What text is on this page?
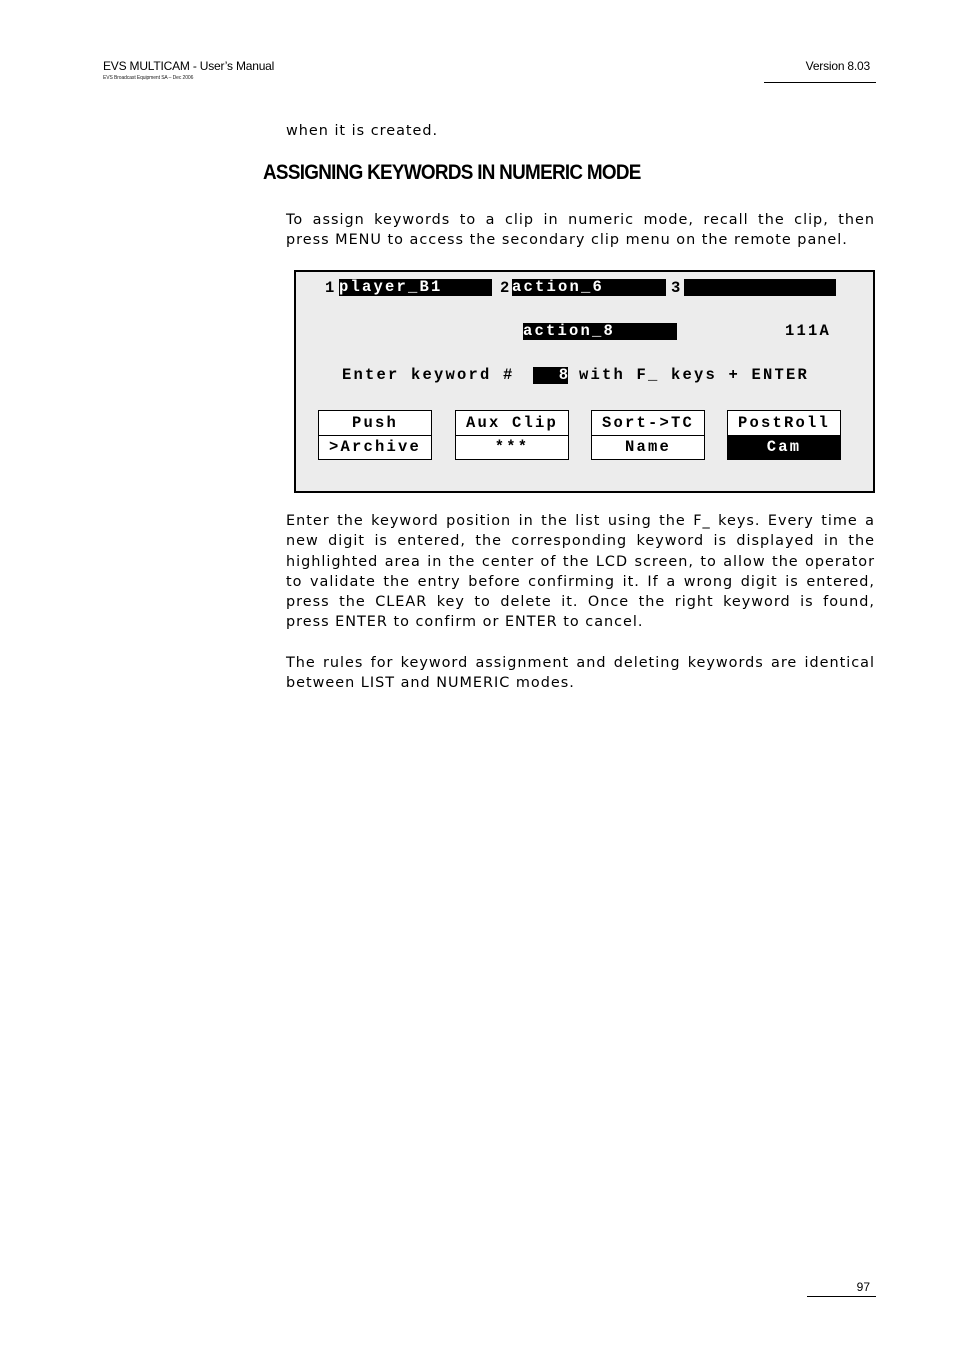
EVS MULTICAM - User’s Manual
EVS Broadcast Equipment SA – Dec 2006
Version 8.03

when it is created.

ASSIGNING KEYWORDS IN NUMERIC MODE

To assign keywords to a clip in numeric mode, recall the clip, then press MENU to access the secondary clip menu on the remote panel.

1 player_B1	2 action_6	3
action_8	111A
Enter keyword #	8 with F_ keys + ENTER
Push
>Archive
Aux Clip
***
Sort->TC
Name
PostRoll
Cam

Enter the keyword position in the list using the F_ keys. Every time a new digit is entered, the corresponding keyword is displayed in the highlighted area in the center of the LCD screen, to allow the operator to validate the entry before confirming it. If a wrong digit is entered, press the CLEAR key to delete it. Once the right keyword is found, press ENTER to confirm or ENTER to cancel.

The rules for keyword assignment and deleting keywords are identical between LIST and NUMERIC modes.

97
